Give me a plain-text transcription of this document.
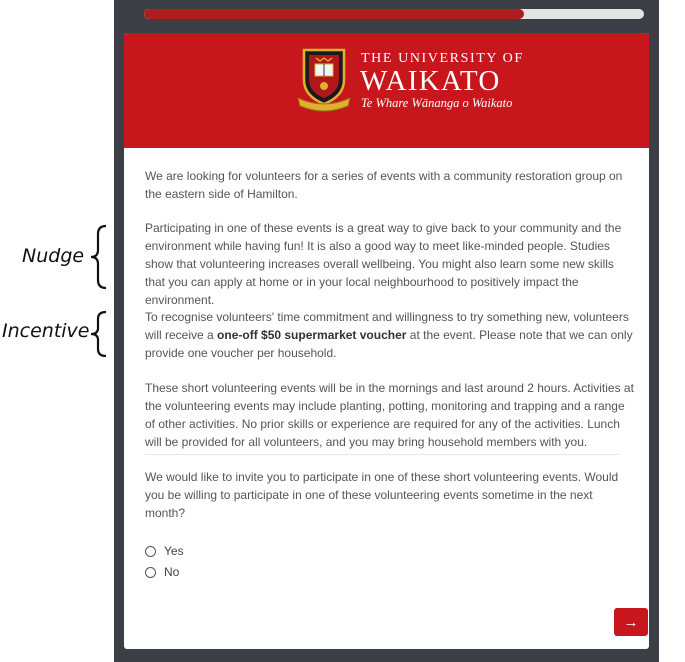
Nudge
Incentive
THE UNIVERSITY OF
WAIKATO
Te Whare Wānanga o Waikato

We are looking for volunteers for a series of events with a community restoration group on the eastern side of Hamilton.

Participating in one of these events is a great way to give back to your community and the environment while having fun! It is also a good way to meet like-minded people. Studies show that volunteering increases overall wellbeing. You might also learn some new skills that you can apply at home or in your local neighbourhood to positively impact the environment.

To recognise volunteers' time commitment and willingness to try something new, volunteers will receive a one-off $50 supermarket voucher at the event. Please note that we can only provide one voucher per household.

These short volunteering events will be in the mornings and last around 2 hours. Activities at the volunteering events may include planting, potting, monitoring and trapping and a range of other activities. No prior skills or experience are required for any of the activities. Lunch will be provided for all volunteers, and you may bring household members with you.

We would like to invite you to participate in one of these short volunteering events. Would you be willing to participate in one of these volunteering events sometime in the next month?

Yes
No
→
